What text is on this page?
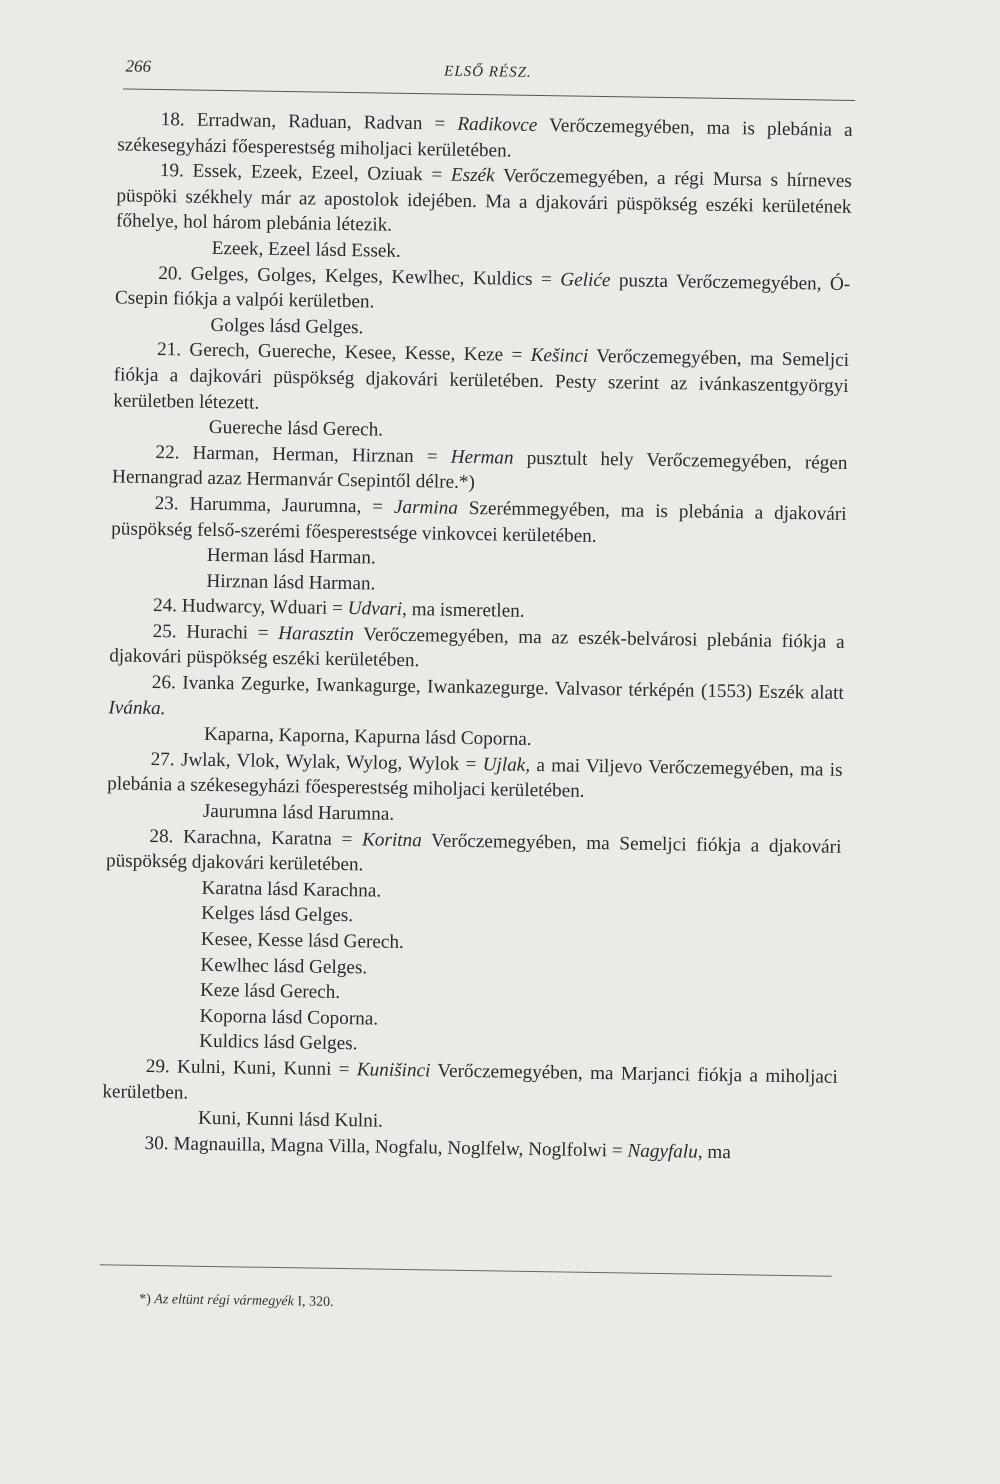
266	ELSŐ RÉSZ.

18. Erradwan, Raduan, Radvan = Radikovce Verőczemegyében, ma is plebánia a székesegyházi főesperestség miholjaci kerületében.

19. Essek, Ezeek, Ezeel, Oziuak = Eszék Verőczemegyében, a régi Mursa s hírneves püspöki székhely már az apostolok idejében. Ma a djakovári püspökség eszéki kerületének főhelye, hol három plebánia létezik.

Ezeek, Ezeel lásd Essek.

20. Gelges, Golges, Kelges, Kewlhec, Kuldics = Geliće puszta Verőczemegyében, Ó-Csepin fiókja a valpói kerületben.

Golges lásd Gelges.

21. Gerech, Guereche, Kesee, Kesse, Keze = Kešinci Verőczemegyében, ma Semeljci fiókja a dajkovári püspökség djakovári kerületében. Pesty szerint az ivánkaszentgyörgyi kerületben létezett.

Guereche lásd Gerech.

22. Harman, Herman, Hirznan = Herman pusztult hely Verőczemegyében, régen Hernangrad azaz Hermanvár Csepintől délre.*)

23. Harummа, Jaurumna, = Jarmina Szerémmegyében, ma is plebánia a djakovári püspökség felső-szerémi főesperestsége vinkovcei kerületében.

Herman lásd Harman.

Hirznan lásd Harman.

24. Hudwarcy, Wduari = Udvari, ma ismeretlen.

25. Hurachi = Harasztin Verőczemegyében, ma az eszék-belvárosi plebánia fiókja a djakovári püspökség eszéki kerületében.

26. Ivanka Zegurke, Iwankagurge, Iwankazegurge. Valvasor térképén (1553) Eszék alatt Ivánka.

Kaparna, Kaporna, Kapurna lásd Coporna.

27. Jwlak, Vlok, Wylak, Wylog, Wylok = Ujlak, a mai Viljevo Verőczemegyében, ma is plebánia a székesegyházi főesperestség miholjaci kerületében.

Jaurumna lásd Harumna.

28. Karachna, Karatna = Koritna Verőczemegyében, ma Semeljci fiókja a djakovári püspökség djakovári kerületében.

Karatna lásd Karachna.

Kelges lásd Gelges.

Kesee, Kesse lásd Gerech.

Kewlhec lásd Gelges.

Keze lásd Gerech.

Koporna lásd Coporna.

Kuldics lásd Gelges.

29. Kulni, Kuni, Kunni = Kunišinci Verőczemegyében, ma Marjanci fiókja a miholjaci kerületben.

Kuni, Kunni lásd Kulni.

30. Magnauilla, Magna Villa, Nogfalu, Noglfelw, Noglfolwi = Nagyfalu, ma

*) Az eltünt régi vármegyék I, 320.
